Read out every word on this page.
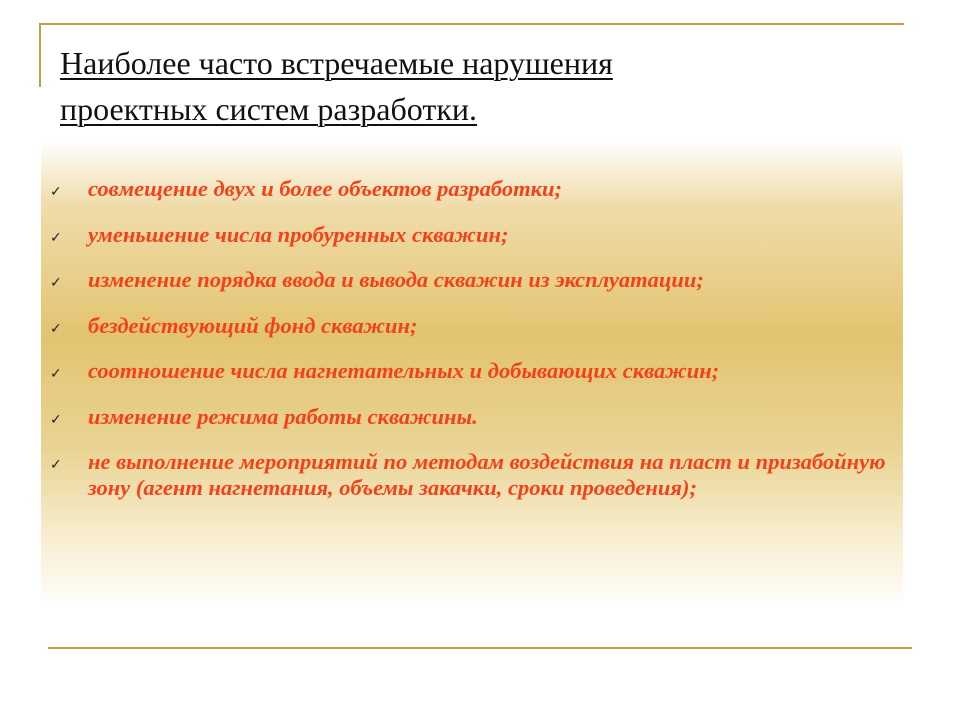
Наиболее часто встречаемые нарушения
проектных систем разработки.
✓ совмещение двух и более объектов разработки;
✓ уменьшение числа пробуренных скважин;
✓ изменение порядка ввода и вывода скважин из эксплуатации;
✓ бездействующий фонд скважин;
✓ соотношение числа нагнетательных и добывающих скважин;
✓ изменение режима работы скважины.
✓ не выполнение мероприятий по методам воздействия на пласт и призабойную зону (агент нагнетания, объемы закачки, сроки проведения);
